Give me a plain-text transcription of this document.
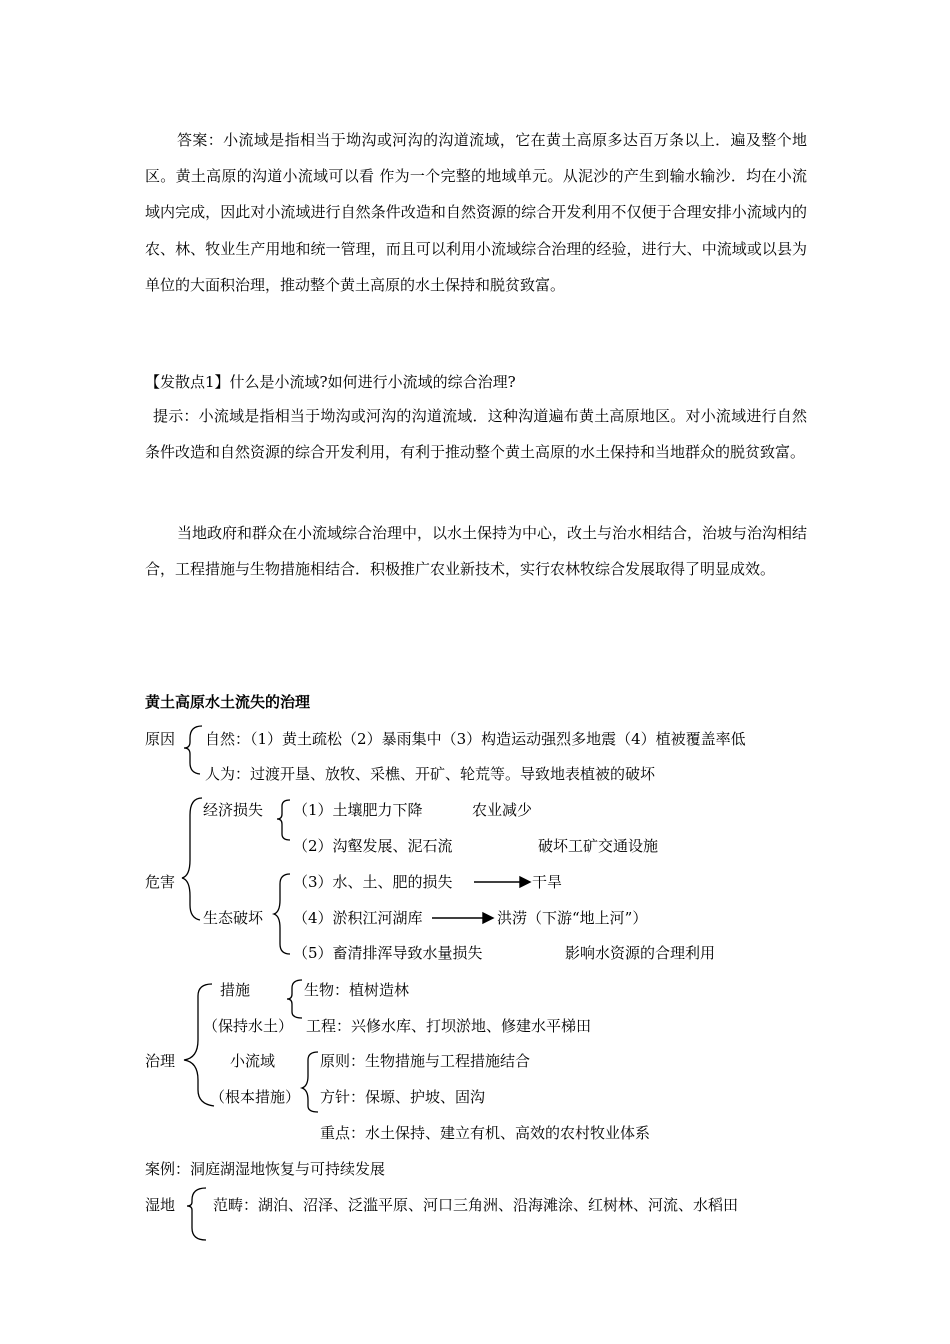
答案：小流域是指相当于坳沟或河沟的沟道流域，它在黄土高原多达百万条以上．遍及整个地区。黄土高原的沟道小流域可以看 作为一个完整的地域单元。从泥沙的产生到输水输沙．均在小流域内完成，因此对小流域进行自然条件改造和自然资源的综合开发利用不仅便于合理安排小流域内的农、林、牧业生产用地和统一管理，而且可以利用小流域综合治理的经验，进行大、中流域或以县为单位的大面积治理，推动整个黄土高原的水土保持和脱贫致富。
【发散点1】什么是小流域?如何进行小流域的综合治理?
提示：小流域是指相当于坳沟或河沟的沟道流域．这种沟道遍布黄土高原地区。对小流域进行自然条件改造和自然资源的综合开发利用，有利于推动整个黄土高原的水土保持和当地群众的脱贫致富。
当地政府和群众在小流域综合治理中，以水土保持为中心，改土与治水相结合，治坡与治沟相结合，工程措施与生物措施相结合．积极推广农业新技术，实行农林牧综合发展取得了明显成效。
黄土高原水土流失的治理
原因 自然：（1）黄土疏松（2）暴雨集中（3）构造运动强烈多地震（4）植被覆盖率低
人为：过渡开垦、放牧、采樵、开矿、轮荒等。导致地表植被的破坏
经济损失 （1）土壤肥力下降	农业减少
（2）沟壑发展、泥石流	破坏工矿交通设施
危害	（3）水、土、肥的损失	干旱
生态破坏 （4）淤积江河湖库	洪涝（下游“地上河”）
（5）畜清排浑导致水量损失	影响水资源的合理利用
措施	生物：植树造林
（保持水土） 工程：兴修水库、打坝淤地、修建水平梯田
治理	小流域	原则：生物措施与工程措施结合
（根本措施） 方针：保塬、护坡、固沟
重点：水土保持、建立有机、高效的农村牧业体系
案例：洞庭湖湿地恢复与可持续发展
湿地	范畴：湖泊、沼泽、泛滥平原、河口三角洲、沿海滩涂、红树林、河流、水稻田
